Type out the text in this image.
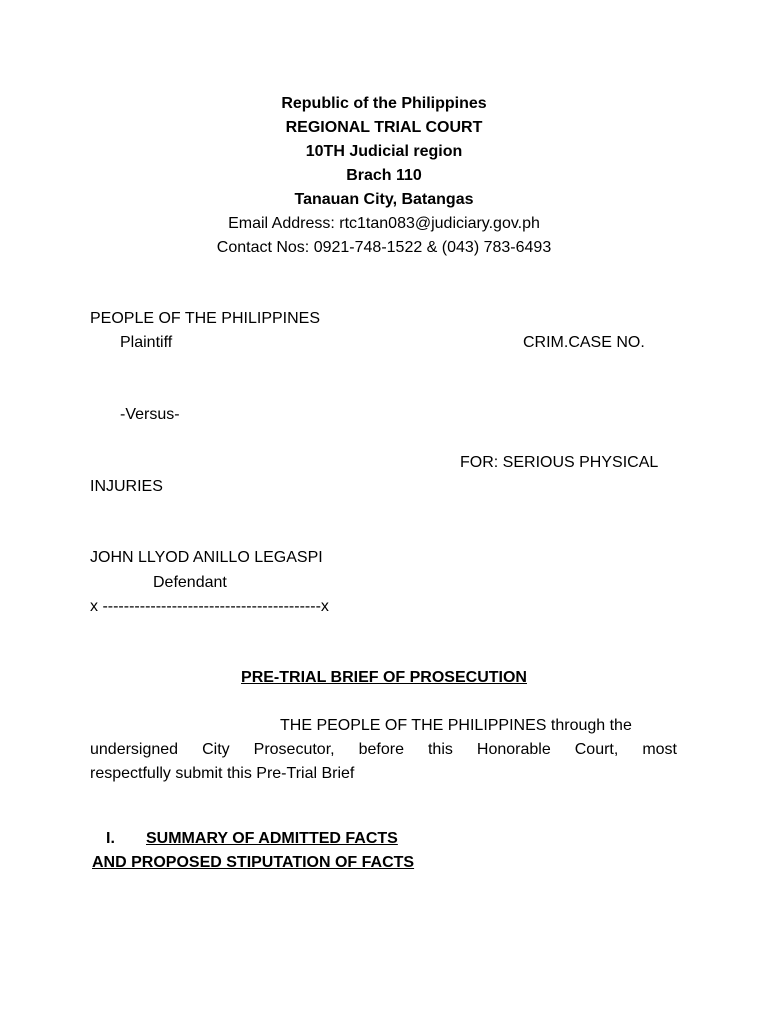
Republic of the Philippines
REGIONAL TRIAL COURT
10TH Judicial region
Brach 110
Tanauan City, Batangas
Email Address: rtc1tan083@judiciary.gov.ph
Contact Nos: 0921-748-1522 & (043) 783-6493
PEOPLE OF THE PHILIPPINES
Plaintiff	CRIM.CASE NO.
-Versus-
FOR: SERIOUS PHYSICAL
INJURIES
JOHN LLYOD ANILLO LEGASPI
Defendant
x -----------------------------------------x
PRE-TRIAL BRIEF OF PROSECUTION
THE PEOPLE OF THE PHILIPPINES through the
undersigned City Prosecutor, before this Honorable Court, most
respectfully submit this Pre-Trial Brief
I. SUMMARY OF ADMITTED FACTS
AND PROPOSED STIPUTATION OF FACTS
